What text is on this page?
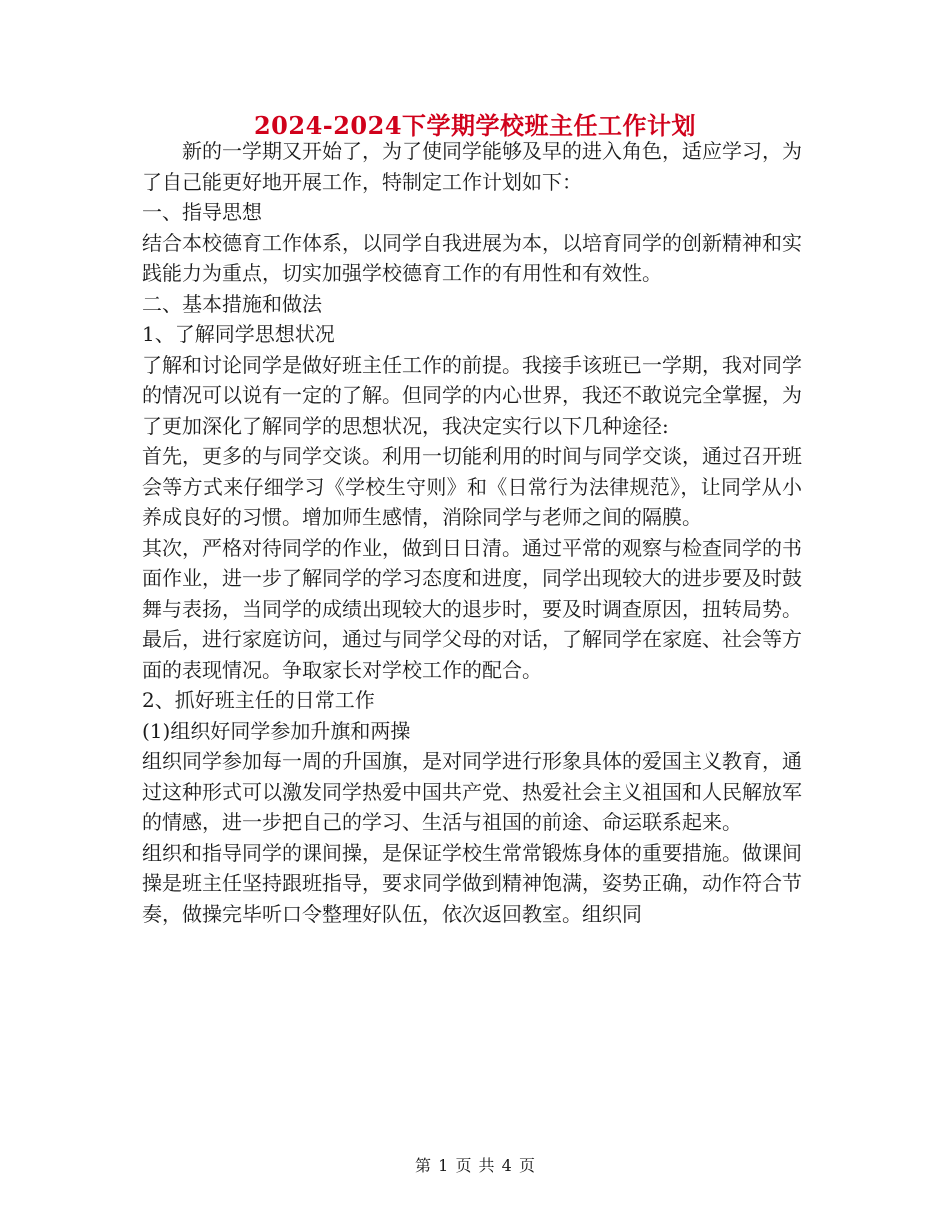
2024-2024下学期学校班主任工作计划

新的一学期又开始了，为了使同学能够及早的进入角色，适应学习，为了自己能更好地开展工作，特制定工作计划如下：

一、指导思想

结合本校德育工作体系，以同学自我进展为本，以培育同学的创新精神和实践能力为重点，切实加强学校德育工作的有用性和有效性。

二、基本措施和做法

1、了解同学思想状况

了解和讨论同学是做好班主任工作的前提。我接手该班已一学期，我对同学的情况可以说有一定的了解。但同学的内心世界，我还不敢说完全掌握，为了更加深化了解同学的思想状况，我决定实行以下几种途径:

首先，更多的与同学交谈。利用一切能利用的时间与同学交谈，通过召开班会等方式来仔细学习《学校生守则》和《日常行为法律规范》，让同学从小养成良好的习惯。增加师生感情，消除同学与老师之间的隔膜。

其次，严格对待同学的作业，做到日日清。通过平常的观察与检查同学的书面作业，进一步了解同学的学习态度和进度，同学出现较大的进步要及时鼓舞与表扬，当同学的成绩出现较大的退步时，要及时调查原因，扭转局势。

最后，进行家庭访问，通过与同学父母的对话，了解同学在家庭、社会等方面的表现情况。争取家长对学校工作的配合。

2、抓好班主任的日常工作

(1)组织好同学参加升旗和两操

组织同学参加每一周的升国旗，是对同学进行形象具体的爱国主义教育，通过这种形式可以激发同学热爱中国共产党、热爱社会主义祖国和人民解放军的情感，进一步把自己的学习、生活与祖国的前途、命运联系起来。

组织和指导同学的课间操，是保证学校生常常锻炼身体的重要措施。做课间操是班主任坚持跟班指导，要求同学做到精神饱满，姿势正确，动作符合节奏，做操完毕听口令整理好队伍，依次返回教室。组织同

第 1 页 共 4 页
